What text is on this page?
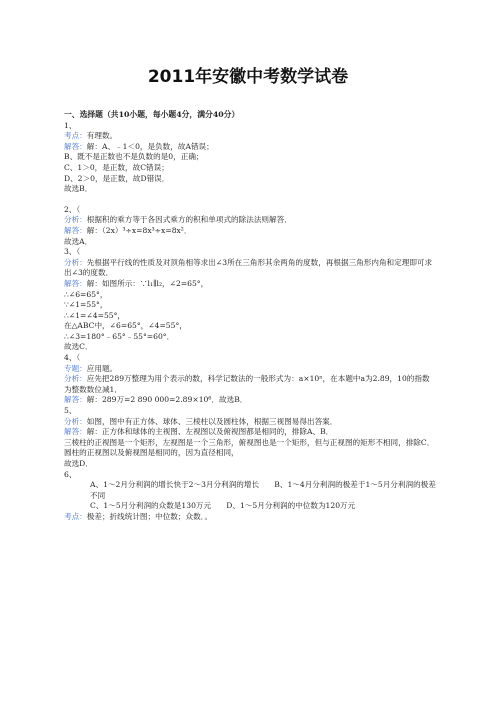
2011年安徽中考数学试卷
一、选择题（共10小题，每小题4分，满分40分）
1、
考点：有理数。
解答：解：A、﹣1＜0，是负数，故A错误；
B、既不是正数也不是负数的是0，正确；
C、1＞0，是正数，故C错误；
D、2＞0，是正数，故D错误．
故选B．
2、（
分析：根据积的乘方等于各因式乘方的积和单项式的除法法则解答．
解答：解：（2x）³÷x=8x³÷x=8x²．
故选A．
3、（
分析：先根据平行线的性质及对顶角相等求出∠3所在三角形其余两角的度数，再根据三角形内角和定理即可求出∠3的度数．
解答：解：如图所示：∵l₁∥l₂，∠2=65°，
∴∠6=65°，
∵∠1=55°，
∴∠1=∠4=55°，
在△ABC中，∠6=65°，∠4=55°，
∴∠3=180°﹣65°﹣55°=60°．
故选C．
4、（
专题：应用题。
分析：应先把289万整理为用个表示的数，科学记数法的一般形式为：a×10ⁿ，在本题中a为2.89，10的指数为整数数位减1．
解答：解：289万=2 890 000=2.89×10⁶．故选B．
5、
分析：如图，图中有正方体、球体、三棱柱以及圆柱体，根据三视图易得出答案．
解答：解：正方体和球体的主视图、左视图以及俯视图都是相同的，排除A、B．
三棱柱的正视图是一个矩形，左视图是一个三角形，俯视图也是一个矩形，但与正视图的矩形不相同，排除C．
圆柱的正视图以及俯视图是相同的，因为直径相同，
故选D．
6、
A、1～2月分利润的增长快于2～3月分利润的增长　　 B、1～4月分利润的极差于1～5月分利润的极差不同
C、1～5月分利润的众数是130万元　　 D、1～5月分利润的中位数为120万元
考点：极差；折线统计图；中位数；众数．。
